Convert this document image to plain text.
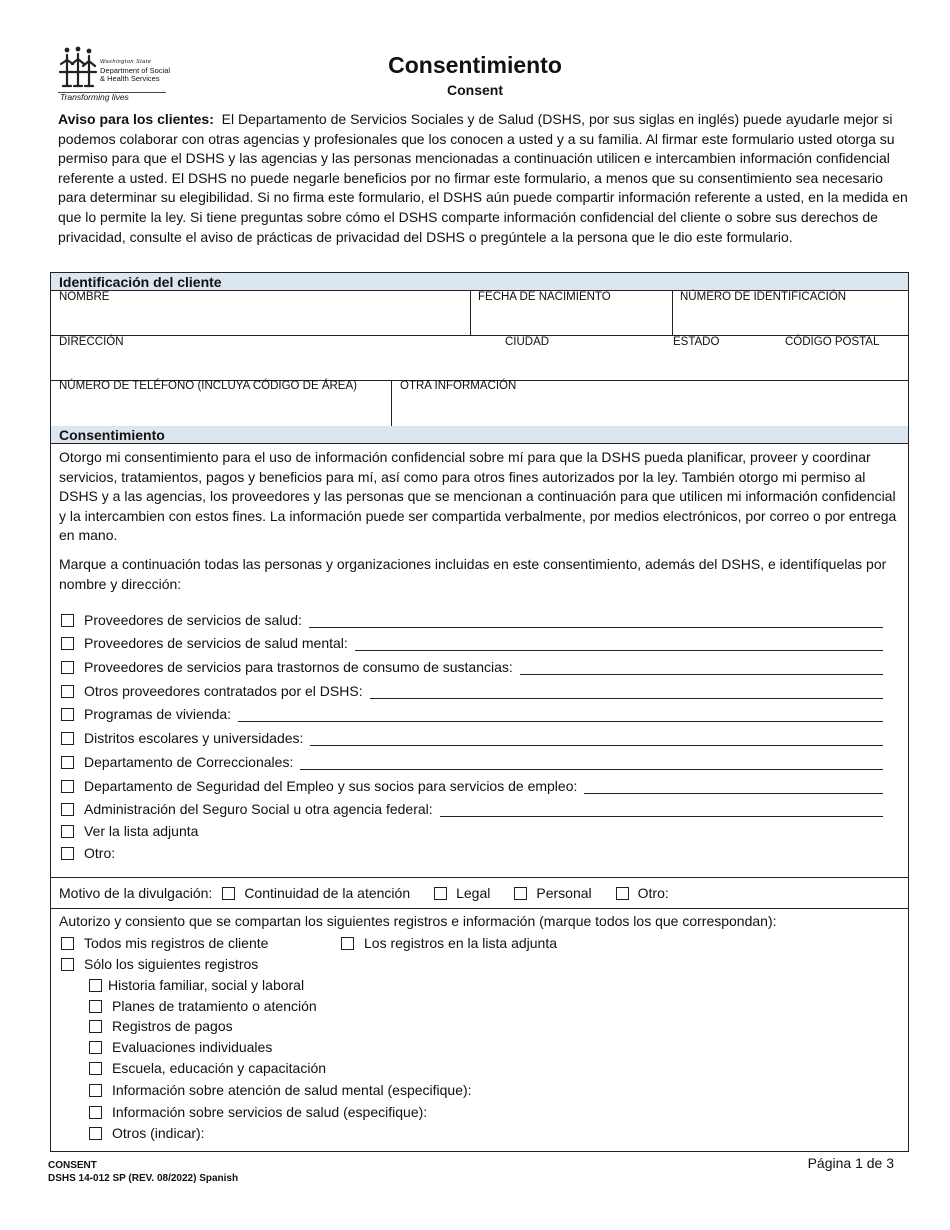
Washington State
Department of Social
& Health Services
Transforming lives
Consentimiento
Consent
Aviso para los clientes: El Departamento de Servicios Sociales y de Salud (DSHS, por sus siglas en inglés) puede ayudarle mejor si podemos colaborar con otras agencias y profesionales que los conocen a usted y a su familia. Al firmar este formulario usted otorga su permiso para que el DSHS y las agencias y las personas mencionadas a continuación utilicen e intercambien información confidencial referente a usted. El DSHS no puede negarle beneficios por no firmar este formulario, a menos que su consentimiento sea necesario para determinar su elegibilidad. Si no firma este formulario, el DSHS aún puede compartir información referente a usted, en la medida en que lo permite la ley. Si tiene preguntas sobre cómo el DSHS comparte información confidencial del cliente o sobre sus derechos de privacidad, consulte el aviso de prácticas de privacidad del DSHS o pregúntele a la persona que le dio este formulario.
Identificación del cliente
NOMBRE	FECHA DE NACIMIENTO	NÚMERO DE IDENTIFICACIÓN
DIRECCIÓN	CIUDAD	ESTADO	CÓDIGO POSTAL
NÚMERO DE TELÉFONO (INCLUYA CÓDIGO DE ÁREA)	OTRA INFORMACIÓN
Consentimiento
Otorgo mi consentimiento para el uso de información confidencial sobre mí para que la DSHS pueda planificar, proveer y coordinar servicios, tratamientos, pagos y beneficios para mí, así como para otros fines autorizados por la ley. También otorgo mi permiso al DSHS y a las agencias, los proveedores y las personas que se mencionan a continuación para que utilicen mi información confidencial y la intercambien con estos fines. La información puede ser compartida verbalmente, por medios electrónicos, por correo o por entrega en mano.
Marque a continuación todas las personas y organizaciones incluidas en este consentimiento, además del DSHS, e identifíquelas por nombre y dirección:
Proveedores de servicios de salud:
Proveedores de servicios de salud mental:
Proveedores de servicios para trastornos de consumo de sustancias:
Otros proveedores contratados por el DSHS:
Programas de vivienda:
Distritos escolares y universidades:
Departamento de Correccionales:
Departamento de Seguridad del Empleo y sus socios para servicios de empleo:
Administración del Seguro Social u otra agencia federal:
Ver la lista adjunta
Otro:
Motivo de la divulgación: Continuidad de la atención	Legal	Personal	Otro:
Autorizo y consiento que se compartan los siguientes registros e información (marque todos los que correspondan):
Todos mis registros de cliente	Los registros en la lista adjunta
Sólo los siguientes registros
Historia familiar, social y laboral
Planes de tratamiento o atención
Registros de pagos
Evaluaciones individuales
Escuela, educación y capacitación
Información sobre atención de salud mental (especifique):
Información sobre servicios de salud (especifique):
Otros (indicar):
CONSENT
DSHS 14-012 SP (REV. 08/2022) Spanish
Página 1 de 3
